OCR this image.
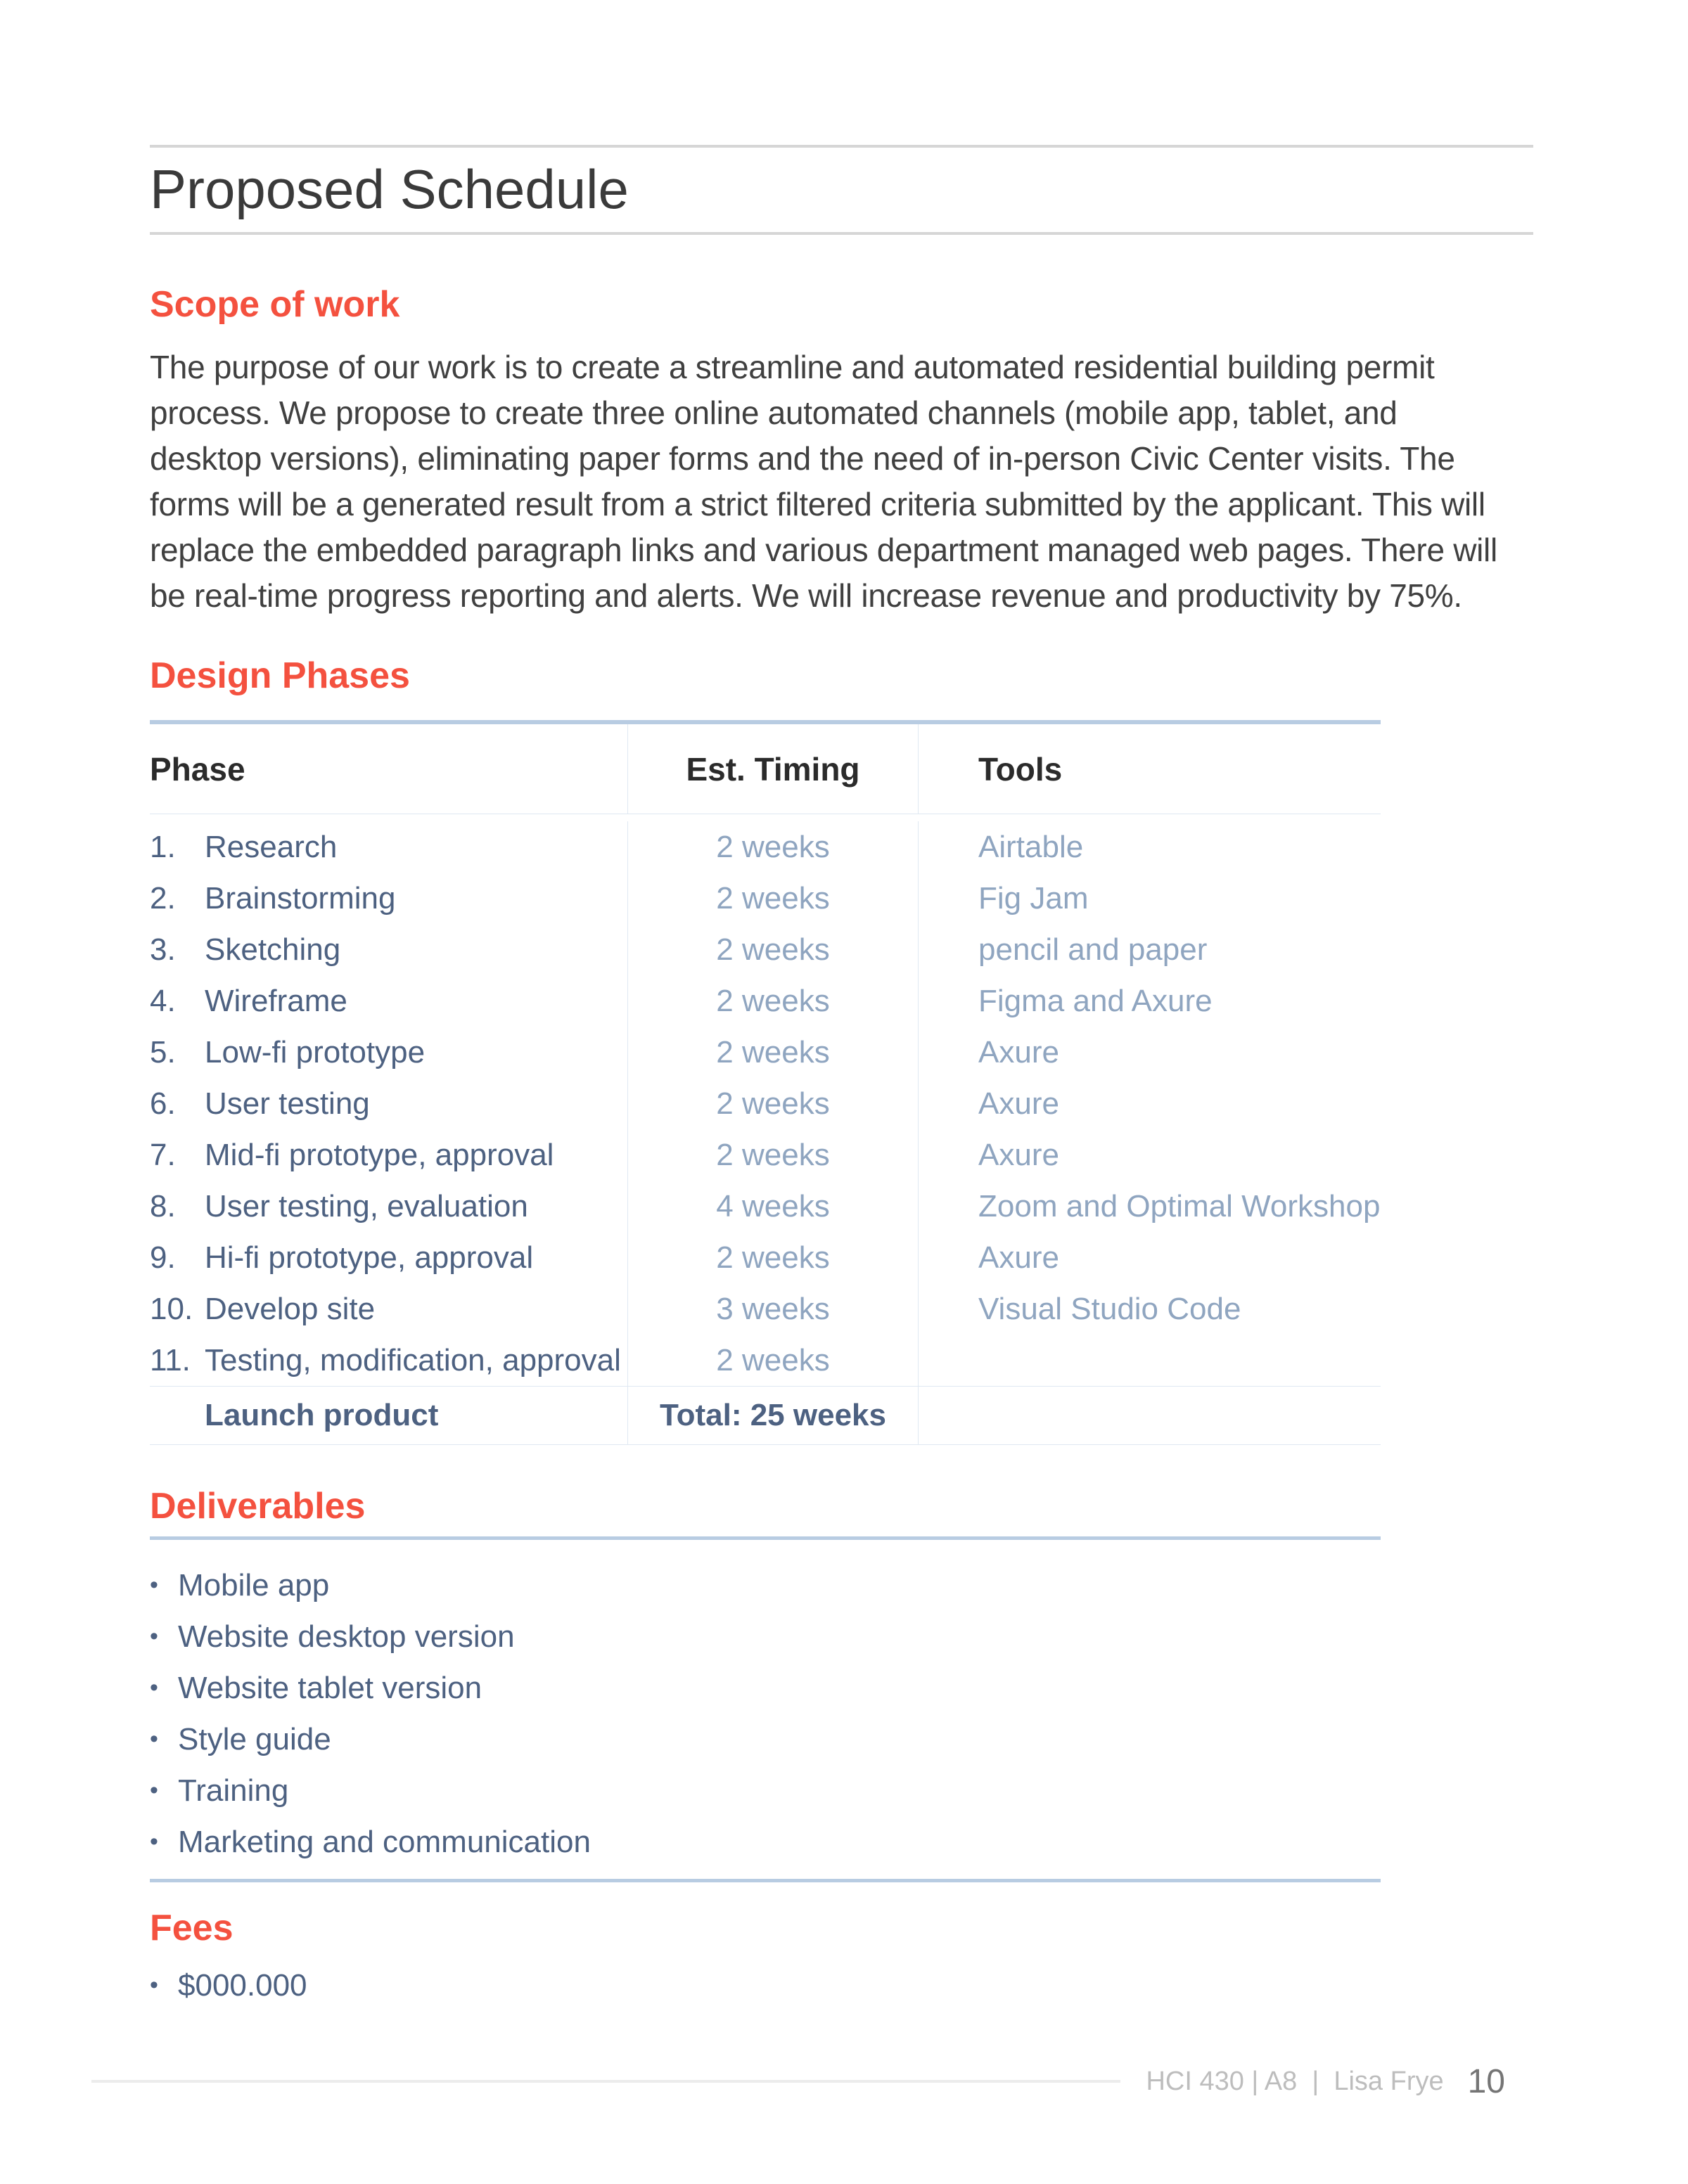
Proposed Schedule
Scope of work

The purpose of our work is to create a streamline and automated residential building permit process. We propose to create three online automated channels (mobile app, tablet, and desktop versions), eliminating paper forms and the need of in-person Civic Center visits. The forms will be a generated result from a strict filtered criteria submitted by the applicant. This will replace the embedded paragraph links and various department managed web pages. There will be real-time progress reporting and alerts. We will increase revenue and productivity by 75%.

Design Phases
Phase	Est. Timing	Tools
1. Research	2 weeks	Airtable
2. Brainstorming	2 weeks	Fig Jam
3. Sketching	2 weeks	pencil and paper
4. Wireframe	2 weeks	Figma and Axure
5. Low-fi prototype	2 weeks	Axure
6. User testing	2 weeks	Axure
7. Mid-fi prototype, approval	2 weeks	Axure
8. User testing, evaluation	4 weeks	Zoom and Optimal Workshop
9. Hi-fi prototype, approval	2 weeks	Axure
10. Develop site	3 weeks	Visual Studio Code
11. Testing, modification, approval	2 weeks
Launch product	Total: 25 weeks
Deliverables
• Mobile app
• Website desktop version
• Website tablet version
• Style guide
• Training
• Marketing and communication
Fees
• $000.000
HCI 430 | A8  |  Lisa Frye 10
